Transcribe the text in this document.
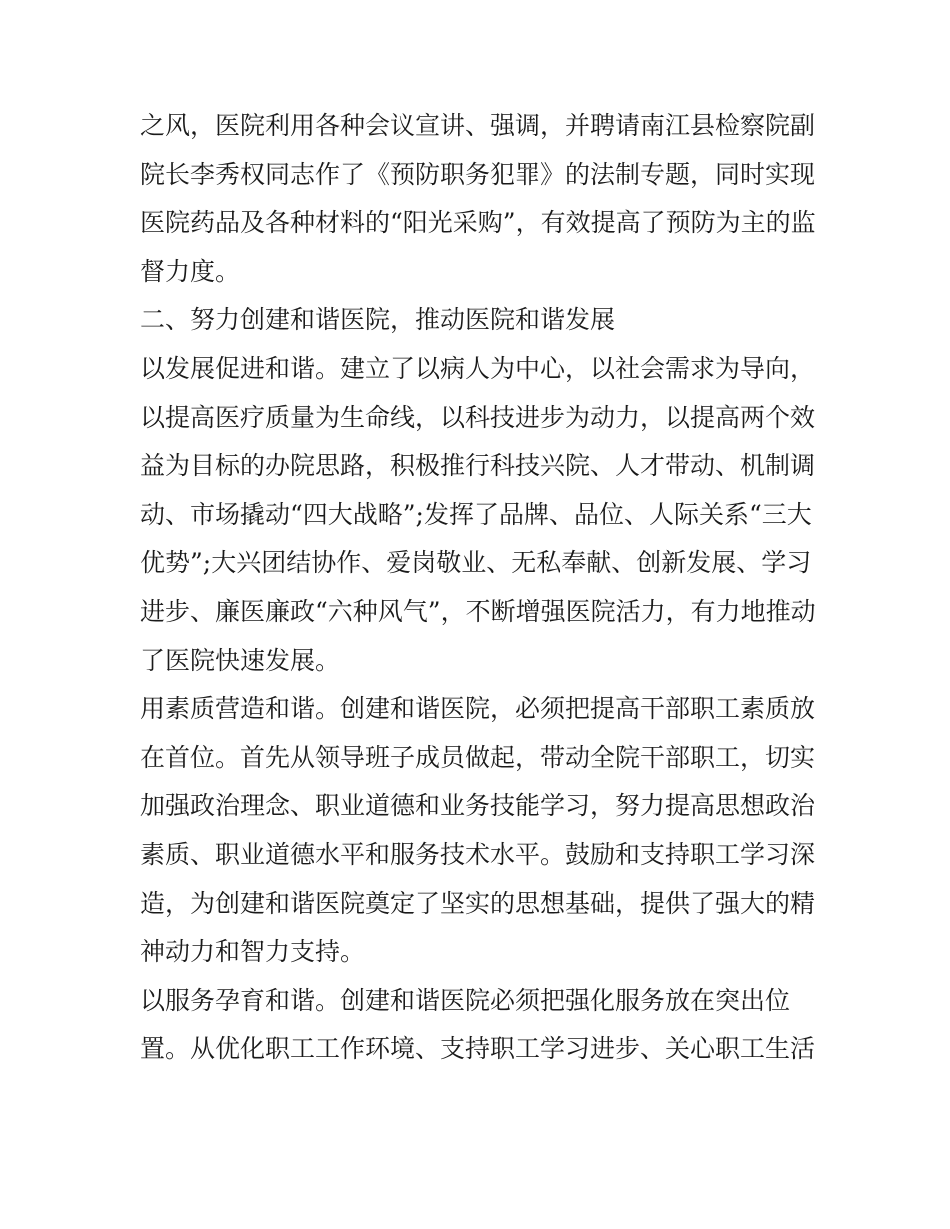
之风，医院利用各种会议宣讲、强调，并聘请南江县检察院副
院长李秀权同志作了《预防职务犯罪》的法制专题，同时实现
医院药品及各种材料的“阳光采购”，有效提高了预防为主的监
督力度。
二、努力创建和谐医院，推动医院和谐发展
以发展促进和谐。建立了以病人为中心，以社会需求为导向，
以提高医疗质量为生命线，以科技进步为动力，以提高两个效
益为目标的办院思路，积极推行科技兴院、人才带动、机制调
动、市场撬动“四大战略”;发挥了品牌、品位、人际关系“三大
优势”;大兴团结协作、爱岗敬业、无私奉献、创新发展、学习
进步、廉医廉政“六种风气”，不断增强医院活力，有力地推动
了医院快速发展。
用素质营造和谐。创建和谐医院，必须把提高干部职工素质放
在首位。首先从领导班子成员做起，带动全院干部职工，切实
加强政治理念、职业道德和业务技能学习，努力提高思想政治
素质、职业道德水平和服务技术水平。鼓励和支持职工学习深
造，为创建和谐医院奠定了坚实的思想基础，提供了强大的精
神动力和智力支持。
以服务孕育和谐。创建和谐医院必须把强化服务放在突出位
置。从优化职工工作环境、支持职工学习进步、关心职工生活
